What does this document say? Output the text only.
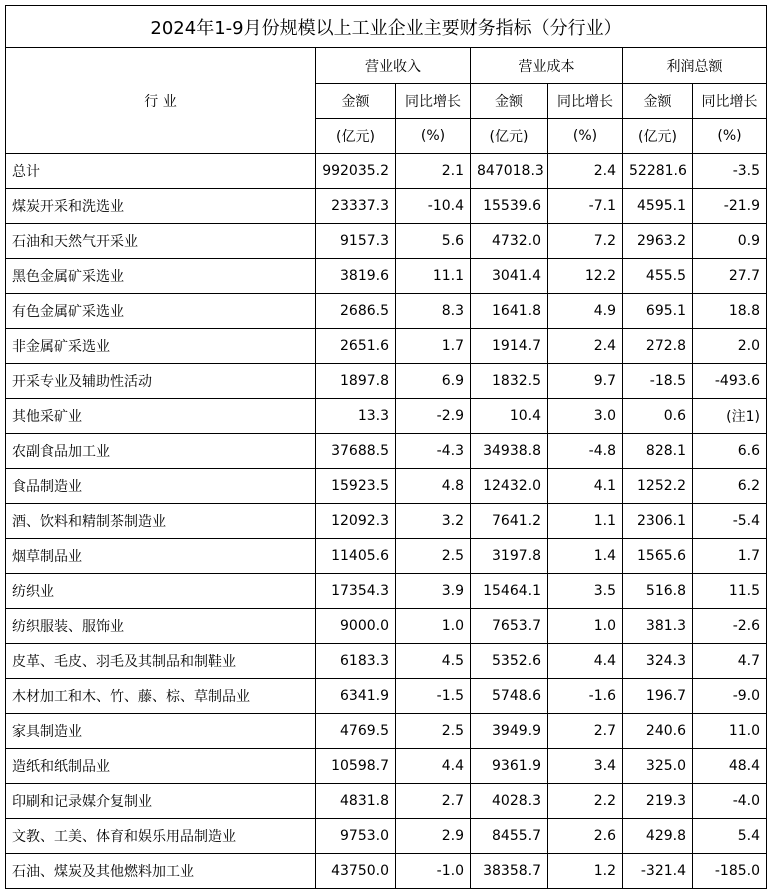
2024年1-9月份规模以上工业企业主要财务指标（分行业）						
行 业	营业收入		营业成本		利润总额	
	金额	同比增长	金额	同比增长	金额	同比增长
	(亿元)	(%)	(亿元)	(%)	(亿元)	(%)
总计	992035.2	2.1	847018.3	2.4	52281.6	-3.5
煤炭开采和洗选业	23337.3	-10.4	15539.6	-7.1	4595.1	-21.9
石油和天然气开采业	9157.3	5.6	4732.0	7.2	2963.2	0.9
黑色金属矿采选业	3819.6	11.1	3041.4	12.2	455.5	27.7
有色金属矿采选业	2686.5	8.3	1641.8	4.9	695.1	18.8
非金属矿采选业	2651.6	1.7	1914.7	2.4	272.8	2.0
开采专业及辅助性活动	1897.8	6.9	1832.5	9.7	-18.5	-493.6
其他采矿业	13.3	-2.9	10.4	3.0	0.6	(注1)
农副食品加工业	37688.5	-4.3	34938.8	-4.8	828.1	6.6
食品制造业	15923.5	4.8	12432.0	4.1	1252.2	6.2
酒、饮料和精制茶制造业	12092.3	3.2	7641.2	1.1	2306.1	-5.4
烟草制品业	11405.6	2.5	3197.8	1.4	1565.6	1.7
纺织业	17354.3	3.9	15464.1	3.5	516.8	11.5
纺织服装、服饰业	9000.0	1.0	7653.7	1.0	381.3	-2.6
皮革、毛皮、羽毛及其制品和制鞋业	6183.3	4.5	5352.6	4.4	324.3	4.7
木材加工和木、竹、藤、棕、草制品业	6341.9	-1.5	5748.6	-1.6	196.7	-9.0
家具制造业	4769.5	2.5	3949.9	2.7	240.6	11.0
造纸和纸制品业	10598.7	4.4	9361.9	3.4	325.0	48.4
印刷和记录媒介复制业	4831.8	2.7	4028.3	2.2	219.3	-4.0
文教、工美、体育和娱乐用品制造业	9753.0	2.9	8455.7	2.6	429.8	5.4
石油、煤炭及其他燃料加工业	43750.0	-1.0	38358.7	1.2	-321.4	-185.0
